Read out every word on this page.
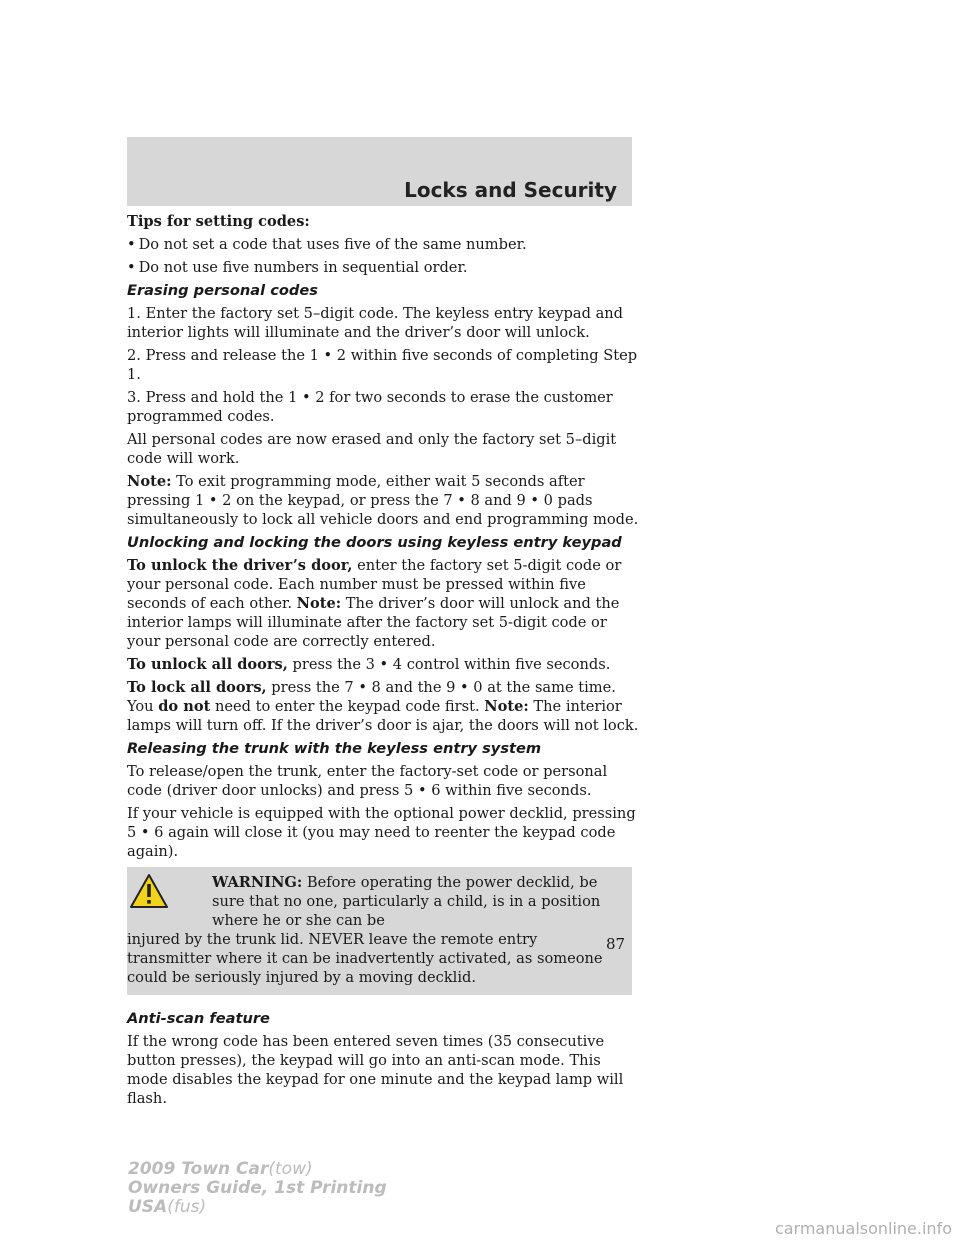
Locks and Security

Tips for setting codes:

• Do not set a code that uses five of the same number.

• Do not use five numbers in sequential order.

Erasing personal codes

1. Enter the factory set 5–digit code. The keyless entry keypad and interior lights will illuminate and the driver’s door will unlock.

2. Press and release the 1 • 2 within five seconds of completing Step 1.

3. Press and hold the 1 • 2 for two seconds to erase the customer programmed codes.

All personal codes are now erased and only the factory set 5–digit code will work.

Note: To exit programming mode, either wait 5 seconds after pressing 1 • 2 on the keypad, or press the 7 • 8 and 9 • 0 pads simultaneously to lock all vehicle doors and end programming mode.

Unlocking and locking the doors using keyless entry keypad

To unlock the driver’s door, enter the factory set 5-digit code or your personal code. Each number must be pressed within five seconds of each other. Note: The driver’s door will unlock and the interior lamps will illuminate after the factory set 5-digit code or your personal code are correctly entered.

To unlock all doors, press the 3 • 4 control within five seconds.

To lock all doors, press the 7 • 8 and the 9 • 0 at the same time. You do not need to enter the keypad code first. Note: The interior lamps will turn off. If the driver’s door is ajar, the doors will not lock.

Releasing the trunk with the keyless entry system

To release/open the trunk, enter the factory-set code or personal code (driver door unlocks) and press 5 • 6 within five seconds.

If your vehicle is equipped with the optional power decklid, pressing 5 • 6 again will close it (you may need to reenter the keypad code again).

WARNING: Before operating the power decklid, be sure that no one, particularly a child, is in a position where he or she can be

injured by the trunk lid. NEVER leave the remote entry transmitter where it can be inadvertently activated, as someone could be seriously injured by a moving decklid.

Anti-scan feature

If the wrong code has been entered seven times (35 consecutive button presses), the keypad will go into an anti-scan mode. This mode disables the keypad for one minute and the keypad lamp will flash.

87
2009 Town Car(tow)
Owners Guide, 1st Printing
USA(fus)
carmanualsonline.info
